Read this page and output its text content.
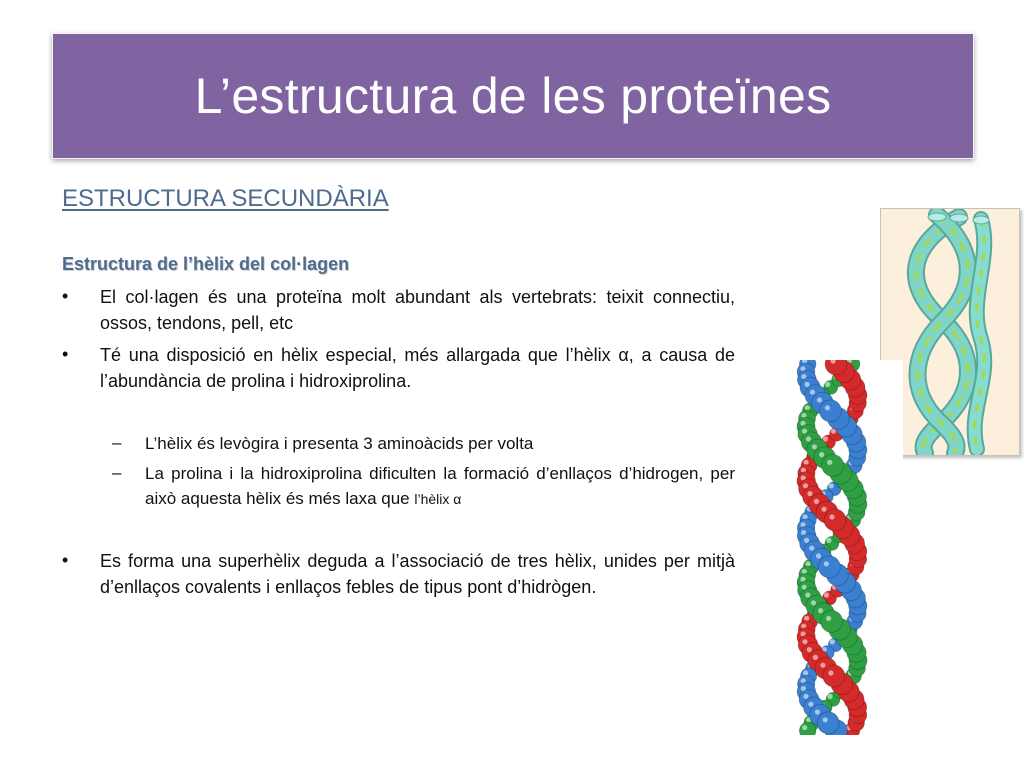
L’estructura de les proteïnes
ESTRUCTURA SECUNDÀRIA
Estructura de l’hèlix del col·lagen
• El col·lagen és una proteïna molt abundant als vertebrats: teixit connectiu, ossos, tendons, pell, etc
• Té una disposició en hèlix especial, més allargada que l’hèlix α, a causa de l’abundància de prolina i hidroxiprolina.
– L’hèlix és levògira i presenta 3 aminoàcids per volta
– La prolina i la hidroxiprolina dificulten la formació d’enllaços d’hidrogen, per això aquesta hèlix és més laxa que l’hèlix α
• Es forma una superhèlix deguda a l’associació de tres hèlix, unides per mitjà d’enllaços covalents i enllaços febles de tipus pont d’hidrògen.
